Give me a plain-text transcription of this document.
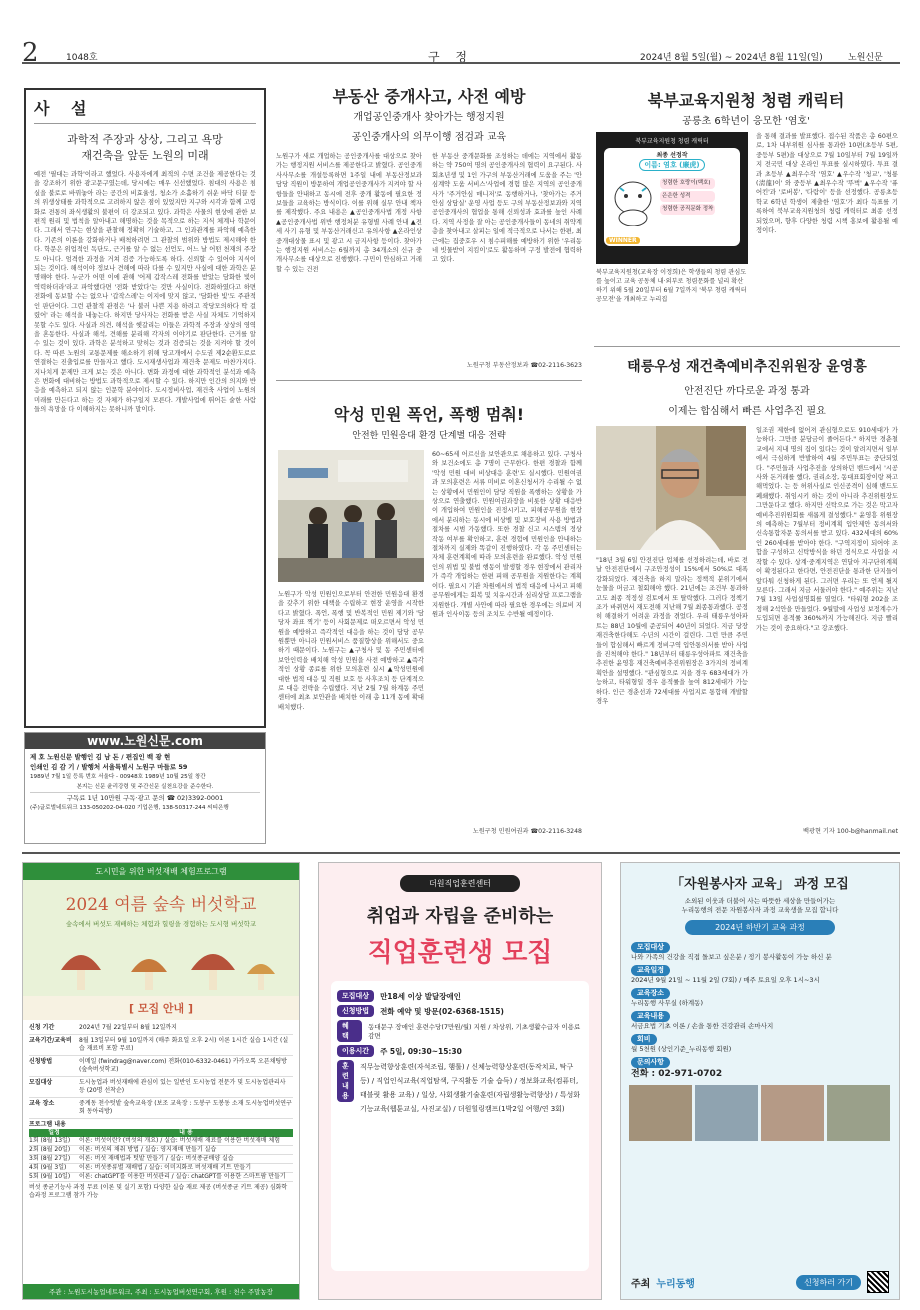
2	1048호	구 정	2024년 8월 5일(월) ~ 2024년 8월 11일(일)	노원신문
사 설
과학적 주장과 상상, 그리고 욕망
재건축을 앞둔 노원의 미래
예전 '필대는 과학'이라고 했었다. 사용자에게 최적의 수면 조건을 제공한다는 것을 강조하기 위한 광고문구였는데, 당시에는 매우 신선했었다. 침대의 사용은 침실을 불로로 바꿔놓아 라는 공간의 비효율성, 청소가 소홀하기 쉬운 바닥 티끌 등의 위생상태를 과학적으로 고려하지 않은 점이 있었지만 지구와 시각과 함께 고령화로 전통의 좌식생활의 불편이 더 강조되고 있다. 과학은 사물의 현상에 관한 보편적 원리 및 법칙을 알아내고 해명하는 것을 목적으로 하는 지식 체계나 학문이다. 그래서 연구는 현상을 관찰해 정확히 기술하고, 그 인과관계를 파악해 예측한다. 기존의 이론을 강화하거나 배척하려면 그 관찰의 범위와 방법도 제시해야 한다. 학문은 위업적인 독단도, 근거를 알 수 없는 선언도, 어느 날 어떤 천재의 주장도 아니다. 엄격한 과정을 거쳐 검증 가능하도록 하다. 신뢰할 수 있어야 지식이 되는 것이다. 해석이야 정보나 견해에 따라 다를 수 있지만 사실에 대한 과학은 분명해야 한다. 누군가 어떤 이에 관해 '어제 갑작스레 전화를 받았는 담화한 빛이 역력하더라'라고 파악했다면 '전화 받았다'는 것만 사실이다. 전화하였다고 하면 전화에 동보할 수는 없으나 '갑작스레'는 이지에 맞지 않고, '담화한 빛'도 주관적인 판단이다. 그런 관찰적 관점은 '나 불러 나쁜 지용 하려고 작당모의하다 딱 걸렸어' 라는 해석을 내놓는다. 하지만 당사자는 전화를 받은 사실 자체도 기억하지 못할 수도 있다. 사실과 의견, 해석을 헷갈리는 이들은 과학적 주장과 상상의 영역을 혼동한다. 사실과 해석, 견해를 분리해 각자의 이야기로 판단한다. 근거를 알 수 있는 것이 있다. 과학은 분석하고 맞히는 것과 검증되는 것을 지켜야 할 것이다. 꼭 따른 노원의 교통문제를 해소하기 위해 당고개에서 수도권 제2순환도로로 연결하는 진출입로를 만들자고 했다. 도시재생사업과 재건축 문제도 마찬가지다. 지나치게 문제만 크게 보는 것은 아니다. 변화 과정에 대한 과학적인 분석과 예측은 변화에 대비하는 방법도 과학적으로 제시할 수 있다. 하지만 인간의 의지와 반응을 예측하고 되지 않는 인문학 분야이다. 도시정비사업, 재건축 사업이 노원의 미래를 만든다고 하는 것 자체가 하구일지 모른다. 개발사업에 뛰어든 숱한 사람들의 욕망을 다 이해하지는 못하니까 말이다.
www.노원신문.com
제 호 노원신문 발행인 김 남 돈 / 편집인 백 광 현
인쇄인 김 감 기 / 발행처 서울특별시 노원구 마들로 59
1989년 7월 1일 등록 번호 서울다 - 00948호 1989년 10월 25일 창간
본지는 신문 윤리강령 및 주간신문 실천요강을 준수한다.
구독료 1년 10만원 구독·광고 문의 ☎ 02)3392-0001
(주)글로벌네트워크 133-050202-04-020 기업은행, 138-50317-244 씨티은행
부동산 중개사고, 사전 예방
개업공인중개사 찾아가는 행정지원
공인중개사의 의무이행 점검과 교육
노원구가 새로 개업하는 공인중개사를 대상으로 찾아가는 행정지원 서비스를 제공한다고 밝혔다. 공인중개사사무소를 개설등록하면 1주일 내에 부동산정보과 담당 직원이 방문하여 개업공인중개사가 지켜야 할 사항들을 안내하고 동시에 전후 중개 활동에 필요한 정보들을 교육하는 방식이다. 이를 위해 실무 안내 책자를 제작했다. 주요 내용은 ▲공인중개사법 개정 사항 ▲공인중개사법 위반 행정처분 유형별 사례 안내 ▲전세 사기 유형 및 부동산거래신고 유의사항 ▲온라인상 중개대상물 표시 및 광고 시 금지사항 등이다. 찾아가는 행정지원 서비스는 6월까지 총 34개소의 신규 중개사무소를 대상으로 진행했다. 구민이 안심하고 거래할 수 있는 건전
한 부동산 중개문화를 조성하는 데에는 지역에서 활동하는 약 750여 명의 공인중개사의 협력이 요구된다. 사회초년생 및 1인 가구의 부동산거래에 도움을 주는 '안심계약 도움 서비스'사업에 경험 많은 지역의 공인중개사가 '주거안심 매니저'로 동행하거나, '찾아가는 주거안심 상담실' 운영 사업 등도 구의 부동산정보과와 지역 공인중개사의 협업을 통해 신뢰성과 효과를 높인 사례다. 지역 사정을 잘 아는 공인중개사들이 동네의 취약계층을 찾아내고 살피는 일에 적극적으로 나서는 한편, 최근에는 집중호우 시 침수피해를 예방하기 위한 '우리동네 빗물받이 지킴이'로도 활동하며 구정 발전에 협력하고 있다.
노원구청 부동산정보과 ☎02-2116-3623
악성 민원 폭언, 폭행 멈춰!
안전한 민원응대 환경 단계별 대응 전략
노원구가 악성 민원인으로부터 안전한 민원응대 환경을 갖추기 위한 대책을 수립하고 현장 운영을 시작한다고 밝혔다. 폭언, 폭행 및 반복적인 민원 제기와 '담당자 좌표 찍기' 등이 사회문제로 떠오르면서 악성 민원을 예방하고 즉각적인 대응을 하는 것이 담당 공무원뿐만 아니라 민원서비스 품질향상을 위해서도 중요하기 때문이다. 노원구는 ▲구청사 및 동 주민센터에 보안인력을 배치해 악성 민원을 사전 예방하고 ▲즉각적인 상황 종료를 위한 모의훈련 실시 ▲악성민원에 대한 법적 대응 및 직원 보호 등 사후조치 등 단계적으로 대응 전략을 수립했다. 지난 2월 7월 하계동 주민센터에 최초 보안관을 배치한 이래 총 11개 동에 확대 배치했다.
60~65세 어르신을 보안관으로 채용하고 있다. 구청사와 보건소에도 총 7명이 근무한다. 한편 경찰과 함께 '악성 민원 대비 비상대응 훈련'도 실시했다. 민원여권과 모의훈련은 서류 미비로 이혼신청서가 수리될 수 없는 상황에서 민원인이 담당 직원을 폭행하는 상황을 가상으로 연출했다. 민원여권과장을 비롯한 상황 대응반이 개입하여 민원인을 진정시키고, 피해공무원을 현장에서 분리하는 동시에 비상벨 및 보호장비 사용 방법과 절차를 시범 가동했다. 또한 경찰 신고 시스템의 정상 작동 여부를 확인하고, 훈련 경험에 민원인을 안내하는 절차까지 실제와 똑같이 진행하였다. 각 동 주민센터는 자체 훈련계획에 따라 모의훈련을 완료했다. 악성 민원인의 위법 및 불법 행동이 발생할 경우 현장에서 관리자가 즉각 개입하는 한편 피해 공무원을 지원한다는 계획이다. 필요시 기관 차원에서의 법적 대응에 나서고 피해공무원에게는 회복 및 치유시간과 심리상담 프로그램을 지원한다. 개별 사안에 따라 필요한 경우에는 의료비 지원과 인사이동 등의 조치도 수반될 예정이다.
노원구청 민원여권과 ☎02-2116-3248
북부교육지원청 청렴 캐릭터
공릉초 6학년이 응모한 '염호'
북부교육지원청 청렴 캐릭터
최종 선정작
이름: 염호 (廉虎)
청렴한 호랑이(백호)
은은한 성격
청렴한 공직문화 정착
WINNER
북부교육지원청(교육장 이정희)은 학생들의 청렴 관심도를 높이고 교육 공동체 내·외부로 청렴문화를 널리 확산하기 위해 5월 20일부터 6월 7일까지 '북부 청렴 캐릭터 공모전'을 개최하고 누리집
을 통해 결과를 발표했다. 접수된 작품은 총 60편으로, 1차 내부위원 심사를 통과한 10편(초등부 5편, 중등부 5편)을 대상으로 7월 10일부터 7월 19일까지 전국민 대상 온라인 투표를 실시하였다. 투표 결과 초등부 ▲최우수작 '염호' ▲우수작 '청교', '청룡(淸龍)이' 와 중등부 ▲최우수작 '뚜벅' ▲우수작 '퓨어킨'과 '로버봉', '다람이' 등을 선정했다. 공릉초등학교 6학년 학생이 제출한 '염호'가 최다 득표를 기록하여 북부교육지원청의 청렴 캐릭터로 최종 선정되었으며, 향후 다양한 청렴 시책 홍보에 활용될 예정이다.
태릉우성 재건축예비추진위원장 윤영흥
안전진단 까다로운 과정 통과
이제는 합심해서 빠른 사업추진 필요
"18년 3월 6일 안전진단 업체를 선정하려는데, 바로 전날 안전진단에서 구조안정성이 15%에서 50%로 대폭 강화되었다. 재건축을 하지 말라는 정책적 분위기에서 눈물을 머금고 철회해야 했다. 21년에는 조건부 통과하고도 최종 적정성 검토에서 또 탈락했다. 그러다 정책기조가 바뀌면서 재도전해 지난해 7월 최종통과했다. 공정히 해결하기 어려운 과정을 겪었다. 우리 태릉우성아파트는 88년 10월에 준공되어 40년이 되었다. 지금 당장 재건축한다해도 수년의 시간이 걸린다. 그런 만큼 주민들이 합심해서 빠르게 정비구역 입안통의서를 받아 사업을 진척해야 한다." 18년부터 태릉우성아파트 재건축을 추진한 윤영흥 재건축예비추진위원장은 3가지의 정비계획안을 설명했다. "관심형으로 지을 경우 683세대가 가능하고, 타워형일 경우 용적률을 높여 812세대가 가능하다. 인근 경춘선과 72세대를 사업지로 통합해 개발할 경우
일조권 제한에 없어져 관심형으로도 910세대가 가능하다. 그만큼 분담금이 줄어든다." 하지만 경춘철교에서 지내 명의 집이 있다는 것이 알려지면서 일부에서 극심하게 반발하여 4월 주민투표는 중단되었다. "주민들과 사업추진을 상의하던 밴드에서 '시공사와 돈거래를 했다, 권리소장, 동대표회장이랑 짜고 해먹었다. 는 등 허위사실로 인신공격이 심해 밴드도 폐쇄했다. 취임시키 하는 것이 아니라 추진위원장도 그만둔다고 했다. 하지만 신탁으로 가는 것은 막고자 예비추진위원회를 새롭게 결성했다." 윤영흥 위원장의 예측하는 7월부터 정비계획 입안제안 동의서와 신속통합자문 동의서를 받고 있다. 432세대의 60%인 260세대를 받아야 한다. "구역지정이 되어야 조합을 구성하고 신탁방식을 하던 정식으로 사업을 시작할 수 있다. 상계·중계지역은 연달아 지구단위계획이 확정된다고 한다면, 안전진단을 통과한 단지들이 앞다퉈 신청하게 된다. 그러면 우리는 또 언제 될지 모른다. 그래서 지금 서둘러야 한다." 예주위는 지난 7월 13일 사업설명회를 열었다. "타워형 202을 조정해 2석안을 만들었다. 9월말에 사업성 보정계수가 도입되면 용적률 360%까지 가능해진다. 지금 빨리 가는 것이 중요하다."고 강조했다.
백광현 기자 100-b@hanmail.net
도시민을 위한 버섯재배 체험프로그램
2024 여름 숲속 버섯학교
숲속에서 버섯도 재배하는 체험과 힐링을 경험하는 도시형 버섯학교
[ 모집 안내 ]
신청 기간	2024년 7월 22일부터 8월 12일까지
교육기간/교육비	8월 13일부터 9월 10일까지 (매주 화요일 오후 2시) 이론 1시간 실습 1시간 (실습 재료비 포함 무료)
신청방법	이메일 (fwindrag@naver.com) 전화(010-6332-0461) 카카오톡 오픈채팅방 (숲속버섯학교)
모집대상	도시농업과 버섯재배에 관심이 있는 일반인 도시농업 전문가 및 도시농업관리사 등 (20명 선착순)
교육 장소	중계동 천수텃밭 숲속교육장 (보조 교육장 : 도봉구 도봉동 소재 도시농업버섯연구회 동아리방)
프로그램 내용
일정	내 용
1회 (8월 13일)	이론: 버섯이란? (버섯의 개요) / 실습: 버섯재배 재료를 이용한 버섯재배 체험
2회 (8월 20일)	이론: 버섯의 채취 방법 / 실습: 영지재배 만들기 실습
3회 (8월 27일)	이론: 버섯 재배법과 텃밭 만들기 / 실습: 버섯종균배양 실습
4회 (9월 3일)	이론: 버섯종류별 재배법 / 실습: 이미지화로 버섯재배 키트 만들기
5회 (9월 10일)	이론: chatGPT를 이용한 버섯관리 / 실습: chatGPT를 이용한 스마트팜 만들기
버섯 종균기능사 과정 무료 (이론 및 실기 포함) 다양한 실습 재료 제공 (버섯종균 키트 제공) 심화학습과정 프로그램 참가 가능
주관 : 노원도시농업네트워크, 주최 : 도시농업버섯연구회, 후원 : 천수 주말농장
더원직업훈련센터
취업과 자립을 준비하는
직업훈련생 모집
모집대상	만18세 이상 발달장애인
신청방법	전화 예약 및 방문(02-6368-1515)
혜 택
동대문구 장애인 훈련수당(7만원/월) 지원 / 차상위, 기초생활수급자 이용료 감면
이용시간	주 5일, 09:30~15:30
훈련내용
직무능력향상훈련(자석조립, 햄툴) / 신체능력향상훈련(동작치료, 탁구 등) / 직업인식교육(직업탐색, 구직활동 기술 습득) / 정보화교육(컴퓨터, 태블릿 활용 교육) / 일상, 사회생활기술훈련(자립생활능력향상) / 특성화 기능교육(웹툰교실, 사진교실) / 더원힐링캠프(1박2일 여행/연 3회)
「자원봉사자 교육」 과정 모집
소외된 이웃과 더불어 사는 따뜻한 세상을 만들어가는
누리동행의 전문 자원봉사자 과정 교육생을 모집 합니다
2024년 하반기 교육 과정
모집대상
나와 가족의 건강을 직접 돌보고 싶은분 / 정기 봉사활동이 가능 하신 분
교육일정
2024년 9월 21일 ~ 11월 2일 (7회) / 매주 토요일 오후 1시~3시
교육장소
누리동행 사무실 (하계동)
교육내용
서금요법 기초 이론 / 손을 통한 건강관리 손마사지
회비
월 5천원 (상인기준_누리동행 회원)
문의사항
전화 : 02-971-0702
주최 누리동행	신청하러 가기
